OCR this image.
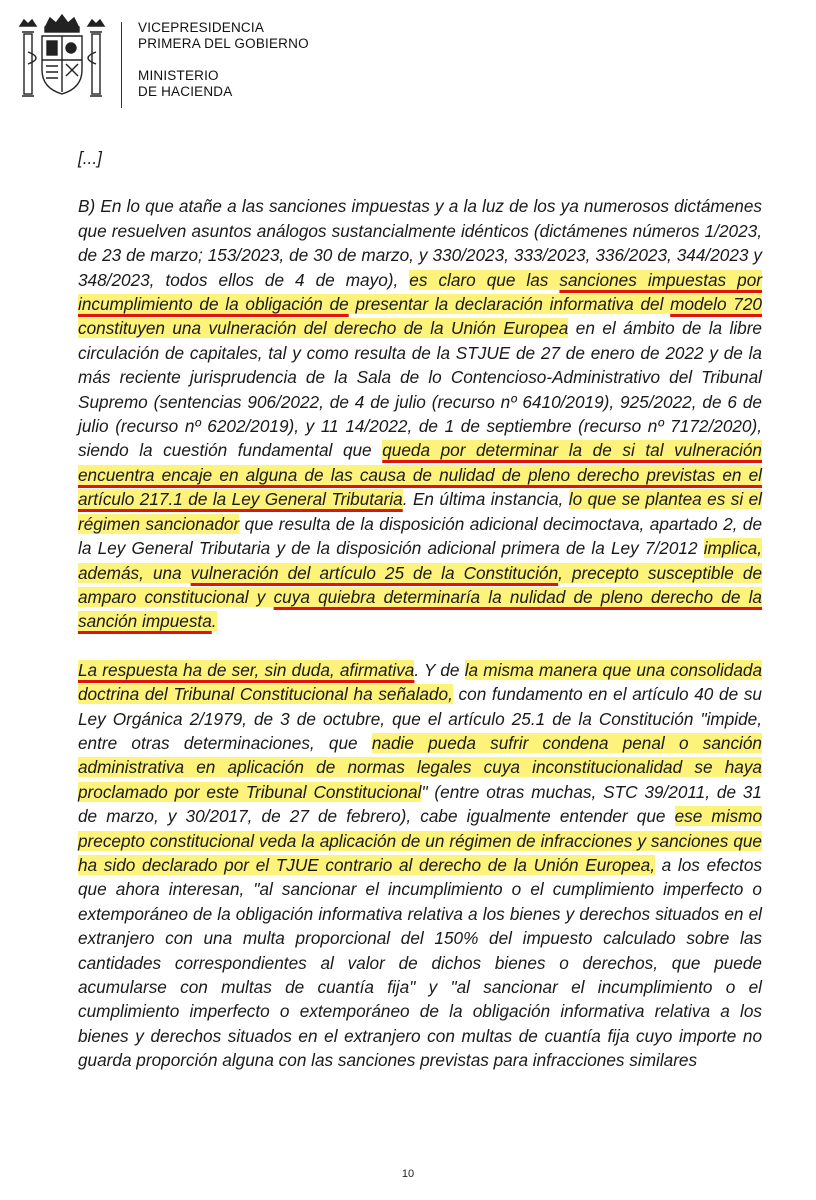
VICEPRESIDENCIA
PRIMERA DEL GOBIERNO
MINISTERIO
DE HACIENDA

[...]

B) En lo que atañe a las sanciones impuestas y a la luz de los ya numerosos dictámenes que resuelven asuntos análogos sustancialmente idénticos (dictámenes números 1/2023, de 23 de marzo; 153/2023, de 30 de marzo, y 330/2023, 333/2023, 336/2023, 344/2023 y 348/2023, todos ellos de 4 de mayo), es claro que las sanciones impuestas por incumplimiento de la obligación de presentar la declaración informativa del modelo 720 constituyen una vulneración del derecho de la Unión Europea en el ámbito de la libre circulación de capitales, tal y como resulta de la STJUE de 27 de enero de 2022 y de la más reciente jurisprudencia de la Sala de lo Contencioso-Administrativo del Tribunal Supremo (sentencias 906/2022, de 4 de julio (recurso nº 6410/2019), 925/2022, de 6 de julio (recurso nº 6202/2019), y 11 14/2022, de 1 de septiembre (recurso nº 7172/2020), siendo la cuestión fundamental que queda por determinar la de si tal vulneración encuentra encaje en alguna de las causa de nulidad de pleno derecho previstas en el artículo 217.1 de la Ley General Tributaria. En última instancia, lo que se plantea es si el régimen sancionador que resulta de la disposición adicional decimoctava, apartado 2, de la Ley General Tributaria y de la disposición adicional primera de la Ley 7/2012 implica, además, una vulneración del artículo 25 de la Constitución, precepto susceptible de amparo constitucional y cuya quiebra determinaría la nulidad de pleno derecho de la sanción impuesta.

La respuesta ha de ser, sin duda, afirmativa. Y de la misma manera que una consolidada doctrina del Tribunal Constitucional ha señalado, con fundamento en el artículo 40 de su Ley Orgánica 2/1979, de 3 de octubre, que el artículo 25.1 de la Constitución "impide, entre otras determinaciones, que nadie pueda sufrir condena penal o sanción administrativa en aplicación de normas legales cuya inconstitucionalidad se haya proclamado por este Tribunal Constitucional" (entre otras muchas, STC 39/2011, de 31 de marzo, y 30/2017, de 27 de febrero), cabe igualmente entender que ese mismo precepto constitucional veda la aplicación de un régimen de infracciones y sanciones que ha sido declarado por el TJUE contrario al derecho de la Unión Europea, a los efectos que ahora interesan, "al sancionar el incumplimiento o el cumplimiento imperfecto o extemporáneo de la obligación informativa relativa a los bienes y derechos situados en el extranjero con una multa proporcional del 150% del impuesto calculado sobre las cantidades correspondientes al valor de dichos bienes o derechos, que puede acumularse con multas de cuantía fija" y "al sancionar el incumplimiento o el cumplimiento imperfecto o extemporáneo de la obligación informativa relativa a los bienes y derechos situados en el extranjero con multas de cuantía fija cuyo importe no guarda proporción alguna con las sanciones previstas para infracciones similares

10
